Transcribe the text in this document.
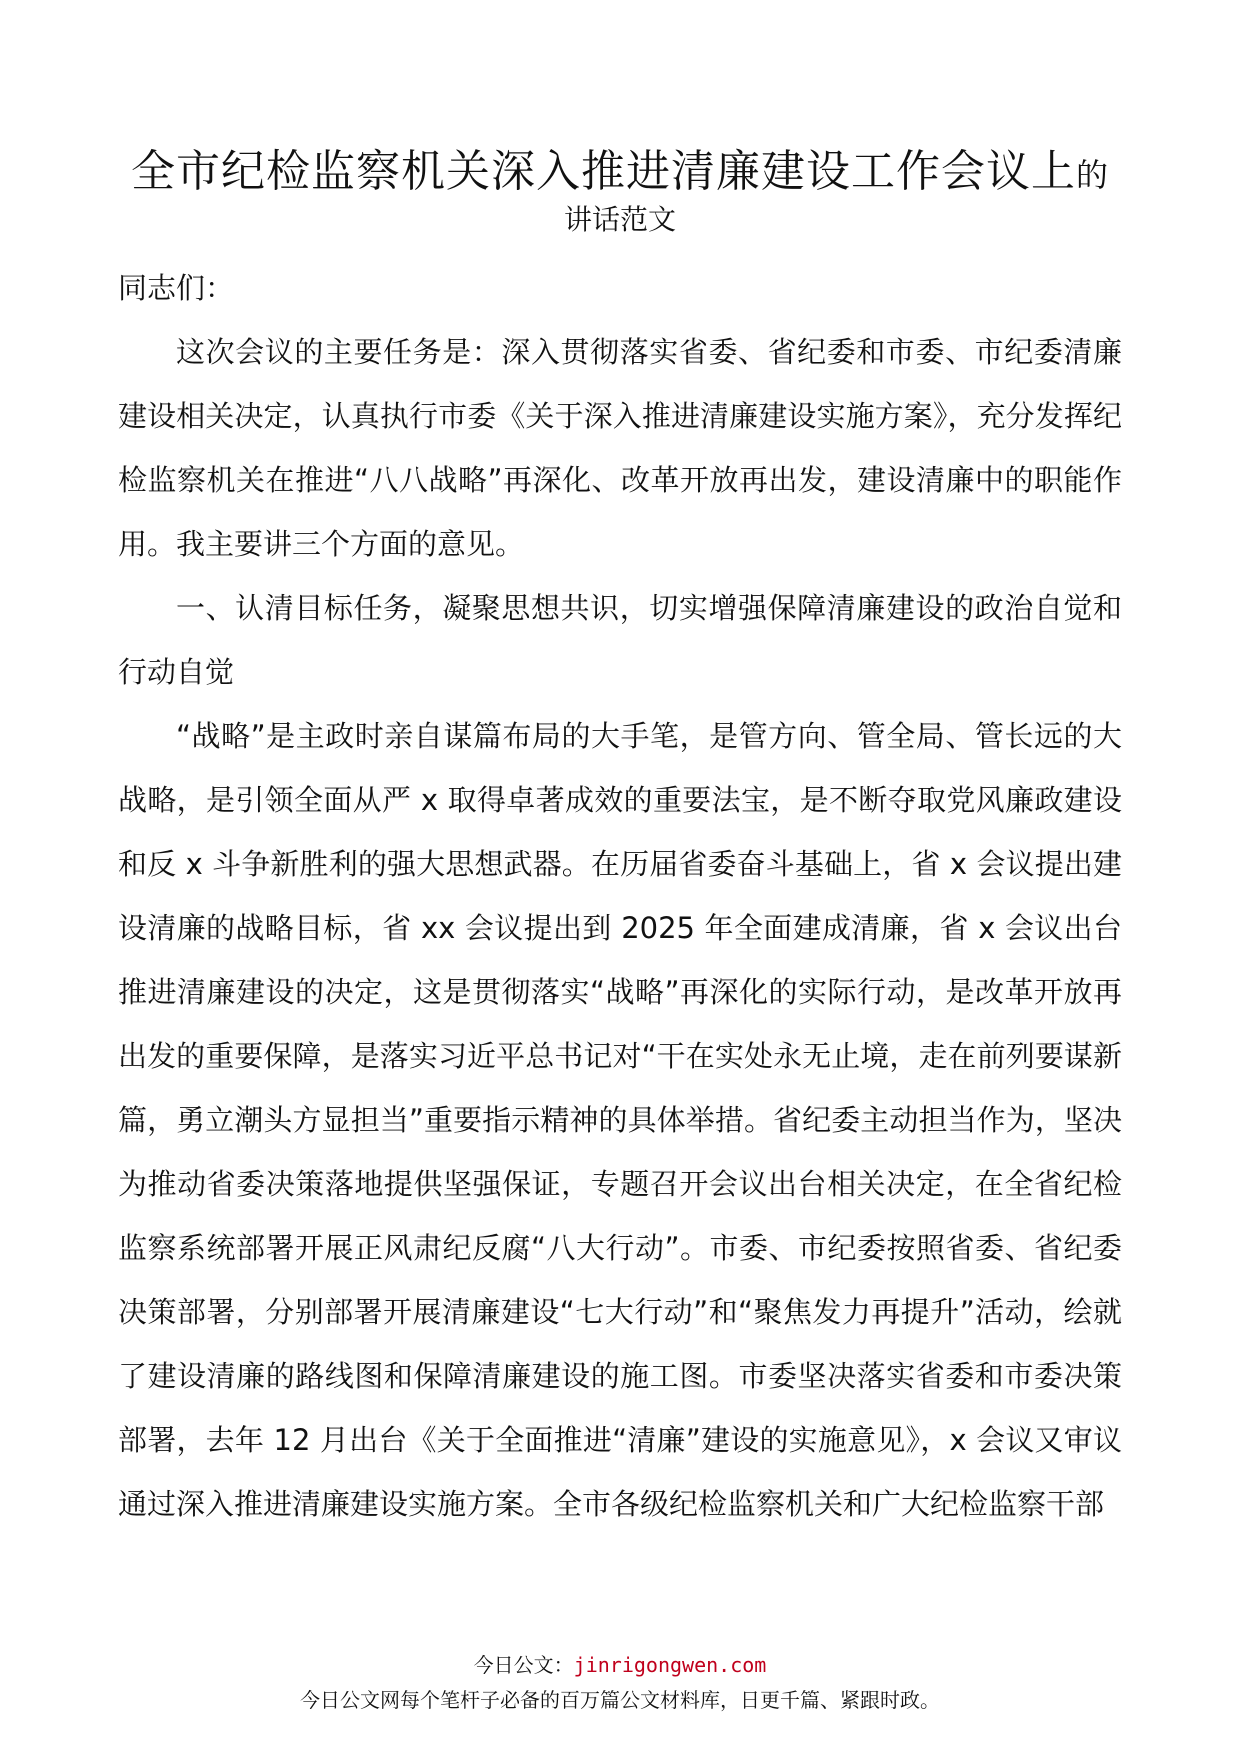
全市纪检监察机关深入推进清廉建设工作会议上的
讲话范文

同志们：

这次会议的主要任务是：深入贯彻落实省委、省纪委和市委、市纪委清廉建设相关决定，认真执行市委《关于深入推进清廉建设实施方案》，充分发挥纪检监察机关在推进“八八战略”再深化、改革开放再出发，建设清廉中的职能作用。我主要讲三个方面的意见。

一、认清目标任务，凝聚思想共识，切实增强保障清廉建设的政治自觉和行动自觉

“战略”是主政时亲自谋篇布局的大手笔，是管方向、管全局、管长远的大战略，是引领全面从严 x 取得卓著成效的重要法宝，是不断夺取党风廉政建设和反 x 斗争新胜利的强大思想武器。在历届省委奋斗基础上，省 x 会议提出建设清廉的战略目标，省 xx 会议提出到 2025 年全面建成清廉，省 x 会议出台推进清廉建设的决定，这是贯彻落实“战略”再深化的实际行动，是改革开放再出发的重要保障，是落实习近平总书记对“干在实处永无止境，走在前列要谋新篇，勇立潮头方显担当”重要指示精神的具体举措。省纪委主动担当作为，坚决为推动省委决策落地提供坚强保证，专题召开会议出台相关决定，在全省纪检监察系统部署开展正风肃纪反腐“八大行动”。市委、市纪委按照省委、省纪委决策部署，分别部署开展清廉建设“七大行动”和“聚焦发力再提升”活动，绘就了建设清廉的路线图和保障清廉建设的施工图。市委坚决落实省委和市委决策部署，去年 12 月出台《关于全面推进“清廉”建设的实施意见》，x 会议又审议通过深入推进清廉建设实施方案。全市各级纪检监察机关和广大纪检监察干部

今日公文：jinrigongwen.com
今日公文网每个笔杆子必备的百万篇公文材料库，日更千篇、紧跟时政。
